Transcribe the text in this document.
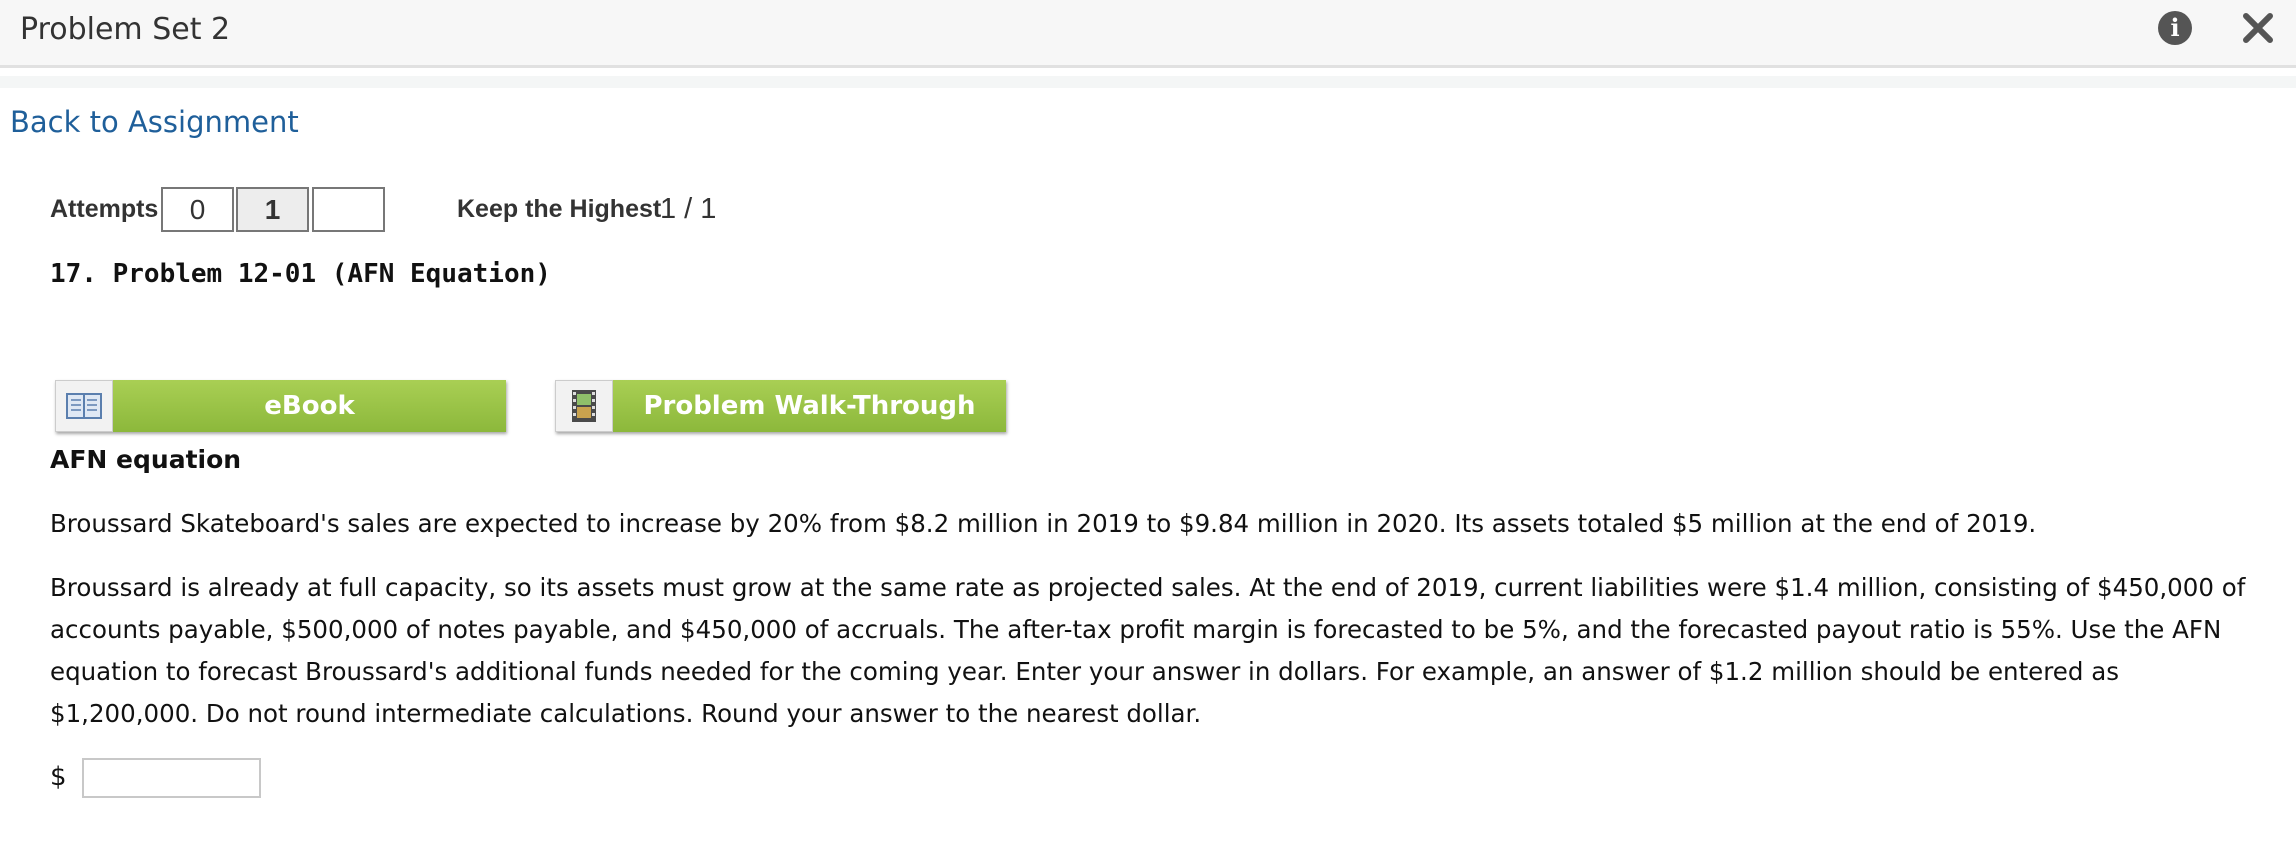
Problem Set 2	i
Back to Assignment
Attempts	0	1	Keep the Highest
1 / 1
17. Problem 12-01 (AFN Equation)
eBook	Problem Walk-Through
AFN equation

Broussard Skateboard's sales are expected to increase by 20% from $8.2 million in 2019 to $9.84 million in 2020. Its assets totaled $5 million at the end of 2019.

Broussard is already at full capacity, so its assets must grow at the same rate as projected sales. At the end of 2019, current liabilities were $1.4 million, consisting of $450,000 of accounts payable, $500,000 of notes payable, and $450,000 of accruals. The after-tax profit margin is forecasted to be 5%, and the forecasted payout ratio is 55%. Use the AFN equation to forecast Broussard's additional funds needed for the coming year. Enter your answer in dollars. For example, an answer of $1.2 million should be entered as $1,200,000. Do not round intermediate calculations. Round your answer to the nearest dollar.

$
